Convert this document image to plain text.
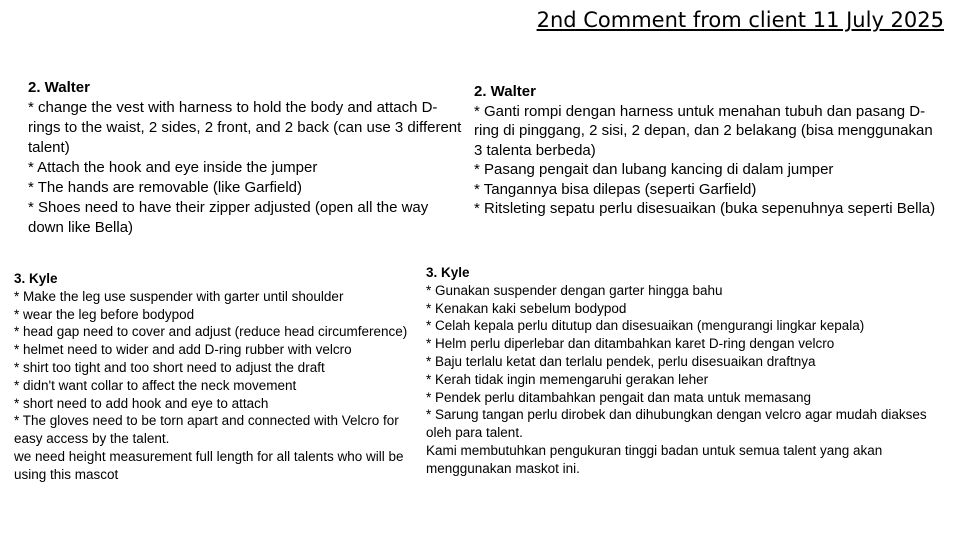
2nd Comment from client 11 July 2025
2. Walter
* change the vest with harness to hold the body and attach D-rings to the waist, 2 sides, 2 front, and 2 back (can use 3 different talent)
* Attach the hook and eye inside the jumper
* The hands are removable (like Garfield)
* Shoes need to have their zipper adjusted (open all the way down like Bella)
2. Walter
* Ganti rompi dengan harness untuk menahan tubuh dan pasang D-ring di pinggang, 2 sisi, 2 depan, dan 2 belakang (bisa menggunakan 3 talenta berbeda)
* Pasang pengait dan lubang kancing di dalam jumper
* Tangannya bisa dilepas (seperti Garfield)
* Ritsleting sepatu perlu disesuaikan (buka sepenuhnya seperti Bella)
3. Kyle
* Make the leg use suspender with garter until shoulder
* wear the leg before bodypod
* head gap need to cover and adjust (reduce head circumference)
* helmet need to wider and add D-ring rubber with velcro
* shirt too tight and too short need to adjust the draft
* didn't want collar to affect the neck movement
* short need to add hook and eye to attach
* The gloves need to be torn apart and connected with Velcro for easy access by the talent.
we need height measurement full length for all talents who will be using this mascot
3. Kyle
* Gunakan suspender dengan garter hingga bahu
* Kenakan kaki sebelum bodypod
* Celah kepala perlu ditutup dan disesuaikan (mengurangi lingkar kepala)
* Helm perlu diperlebar dan ditambahkan karet D-ring dengan velcro
* Baju terlalu ketat dan terlalu pendek, perlu disesuaikan draftnya
* Kerah tidak ingin memengaruhi gerakan leher
* Pendek perlu ditambahkan pengait dan mata untuk memasang
* Sarung tangan perlu dirobek dan dihubungkan dengan velcro agar mudah diakses oleh para talent.
Kami membutuhkan pengukuran tinggi badan untuk semua talent yang akan menggunakan maskot ini.
